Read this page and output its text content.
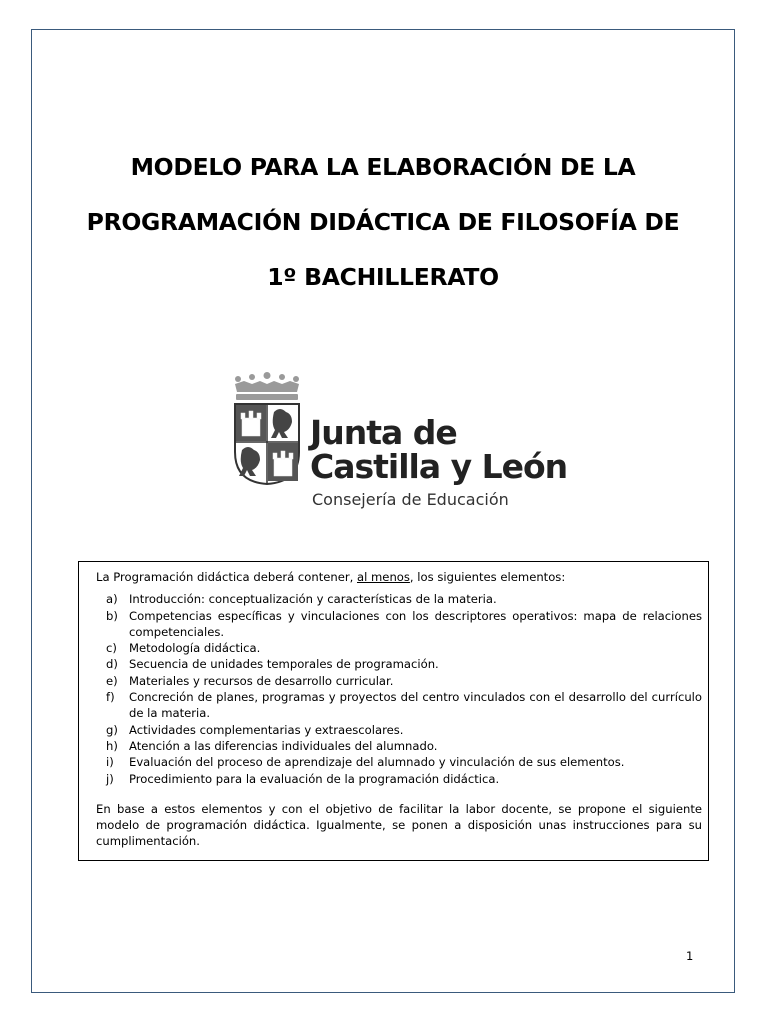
MODELO PARA LA ELABORACIÓN DE LA
PROGRAMACIÓN DIDÁCTICA DE FILOSOFÍA DE
1º BACHILLERATO
Junta de
Castilla y León
Consejería de Educación

La Programación didáctica deberá contener, al menos, los siguientes elementos:

a) Introducción: conceptualización y características de la materia.
b) Competencias específicas y vinculaciones con los descriptores operativos: mapa de relaciones competenciales.
c) Metodología didáctica.
d) Secuencia de unidades temporales de programación.
e) Materiales y recursos de desarrollo curricular.
f) Concreción de planes, programas y proyectos del centro vinculados con el desarrollo del currículo de la materia.
g) Actividades complementarias y extraescolares.
h) Atención a las diferencias individuales del alumnado.
i) Evaluación del proceso de aprendizaje del alumnado y vinculación de sus elementos.
j) Procedimiento para la evaluación de la programación didáctica.

En base a estos elementos y con el objetivo de facilitar la labor docente, se propone el siguiente modelo de programación didáctica. Igualmente, se ponen a disposición unas instrucciones para su cumplimentación.

1
